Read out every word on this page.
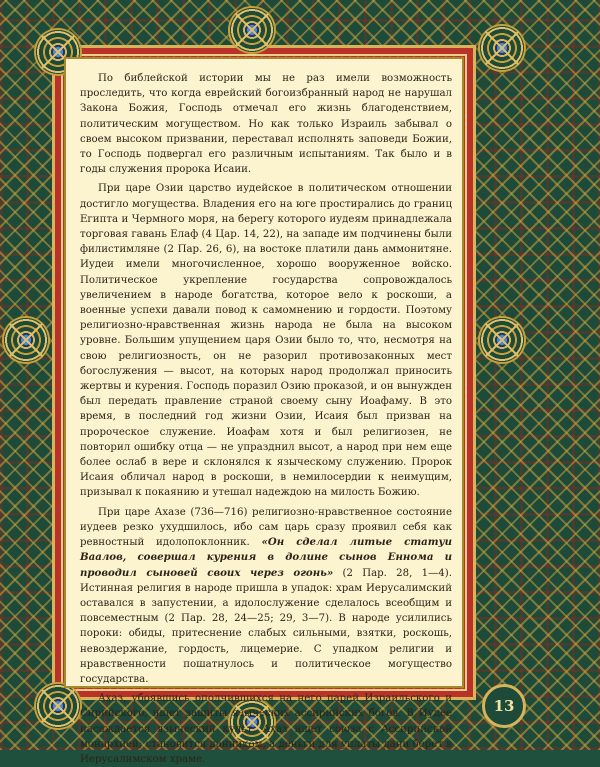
По библейской истории мы не раз имели возможность проследить, что когда еврейский богоизбранный народ не нарушал Закона Божия, Господь отмечал его жизнь благоденствием, политическим могуществом. Но как только Израиль забывал о своем высоком призвании, переставал исполнять заповеди Божии, то Господь подвергал его различным испытаниям. Так было и в годы служения пророка Исаии.

При царе Озии царство иудейское в политическом отношении достигло могущества. Владения его на юге простирались до границ Египта и Чермного моря, на берегу которого иудеям принадлежала торговая гавань Елаф (4 Цар. 14, 22), на западе им подчинены были филистимляне (2 Пар. 26, 6), на востоке платили дань аммонитяне. Иудеи имели многочисленное, хорошо вооруженное войско. Политическое укрепление государства сопровождалось увеличением в народе богатства, которое вело к роскоши, а военные успехи давали повод к самомнению и гордости. Поэтому религиозно-нравственная жизнь народа не была на высоком уровне. Большим упущением царя Озии было то, что, несмотря на свою религиозность, он не разорил противозаконных мест богослужения — высот, на которых народ продолжал приносить жертвы и курения. Господь поразил Озию проказой, и он вынужден был передать правление страной своему сыну Иоафаму. В это время, в последний год жизни Озии, Исаия был призван на пророческое служение. Иоафам хотя и был религиозен, не повторил ошибку отца — не упразднил высот, а народ при нем еще более ослаб в вере и склонялся к языческому служению. Пророк Исаия обличал народ в роскоши, в немилосердии к неимущим, призывал к покаянию и утешал надеждою на милость Божию.

При царе Ахазе (736—716) религиозно-нравственное состояние иудеев резко ухудшилось, ибо сам царь сразу проявил себя как ревностный идолопоклонник. «Он сделал литые статуи Ваалов, совершал курения в долине сынов Еннома и проводил сыновей своих через огонь» (2 Пар. 28, 1—4). Истинная религия в народе пришла в упадок: храм Иерусалимский оставался в запустении, а идолослужение сделалось всеобщим и повсеместным (2 Пар. 28, 24—25; 29, 3—7). В народе усилились пороки: обиды, притеснение слабых сильными, взятки, роскошь, невоздержание, гордость, лицемерие. С упадком религии и нравственности пошатнулось и политическое могущество государства.

Ахаз, убоявшись ополчившихся на него царей Израильского и Сирийского, ищет защиты языческих ассирийских богов. В Иудее насаждается языческий культ. Ахаз ищет союза с Ассирийской монархией; становится данником, а деньги для уплаты дани берет в Иерусалимском храме.

13
